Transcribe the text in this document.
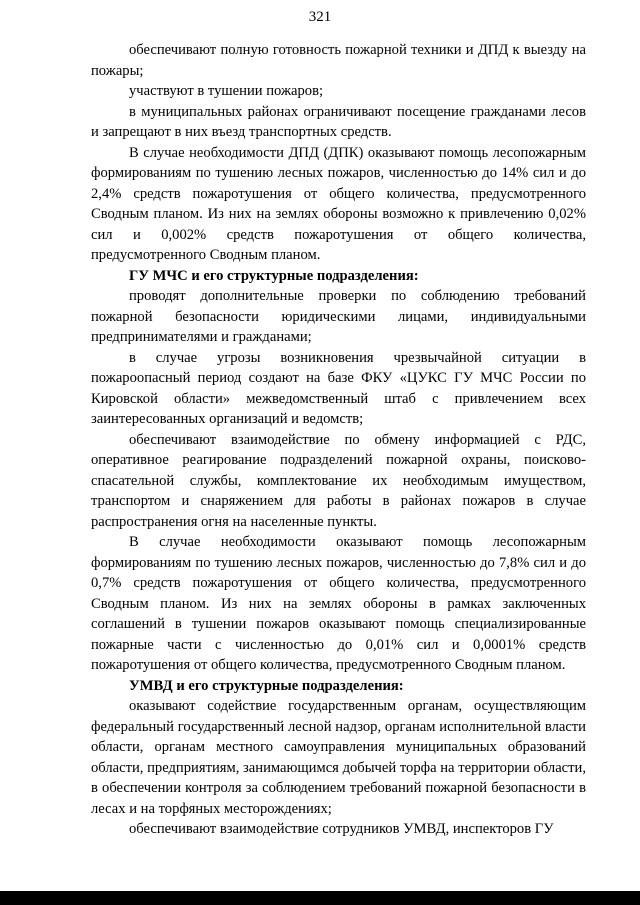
321

обеспечивают полную готовность пожарной техники и ДПД к выезду на пожары;

участвуют в тушении пожаров;

в муниципальных районах ограничивают посещение гражданами лесов и запрещают в них въезд транспортных средств.

В случае необходимости ДПД (ДПК) оказывают помощь лесопожарным формированиям по тушению лесных пожаров, численностью до 14% сил и до 2,4% средств пожаротушения от общего количества, предусмотренного Сводным планом. Из них на землях обороны возможно к привлечению 0,02% сил и 0,002% средств пожаротушения от общего количества, предусмотренного Сводным планом.

ГУ МЧС и его структурные подразделения:

проводят дополнительные проверки по соблюдению требований пожарной безопасности юридическими лицами, индивидуальными предпринимателями и гражданами;

в случае угрозы возникновения чрезвычайной ситуации в пожароопасный период создают на базе ФКУ «ЦУКС ГУ МЧС России по Кировской области» межведомственный штаб с привлечением всех заинтересованных организаций и ведомств;

обеспечивают взаимодействие по обмену информацией с РДС, оперативное реагирование подразделений пожарной охраны, поисково-спасательной службы, комплектование их необходимым имуществом, транспортом и снаряжением для работы в районах пожаров в случае распространения огня на населенные пункты.

В случае необходимости оказывают помощь лесопожарным формированиям по тушению лесных пожаров, численностью до 7,8% сил и до 0,7% средств пожаротушения от общего количества, предусмотренного Сводным планом. Из них на землях обороны в рамках заключенных соглашений в тушении пожаров оказывают помощь специализированные пожарные части с численностью до 0,01% сил и 0,0001% средств пожаротушения от общего количества, предусмотренного Сводным планом.

УМВД и его структурные подразделения:

оказывают содействие государственным органам, осуществляющим федеральный государственный лесной надзор, органам исполнительной власти области, органам местного самоуправления муниципальных образований области, предприятиям, занимающимся добычей торфа на территории области, в обеспечении контроля за соблюдением требований пожарной безопасности в лесах и на торфяных месторождениях;

обеспечивают взаимодействие сотрудников УМВД, инспекторов ГУ
